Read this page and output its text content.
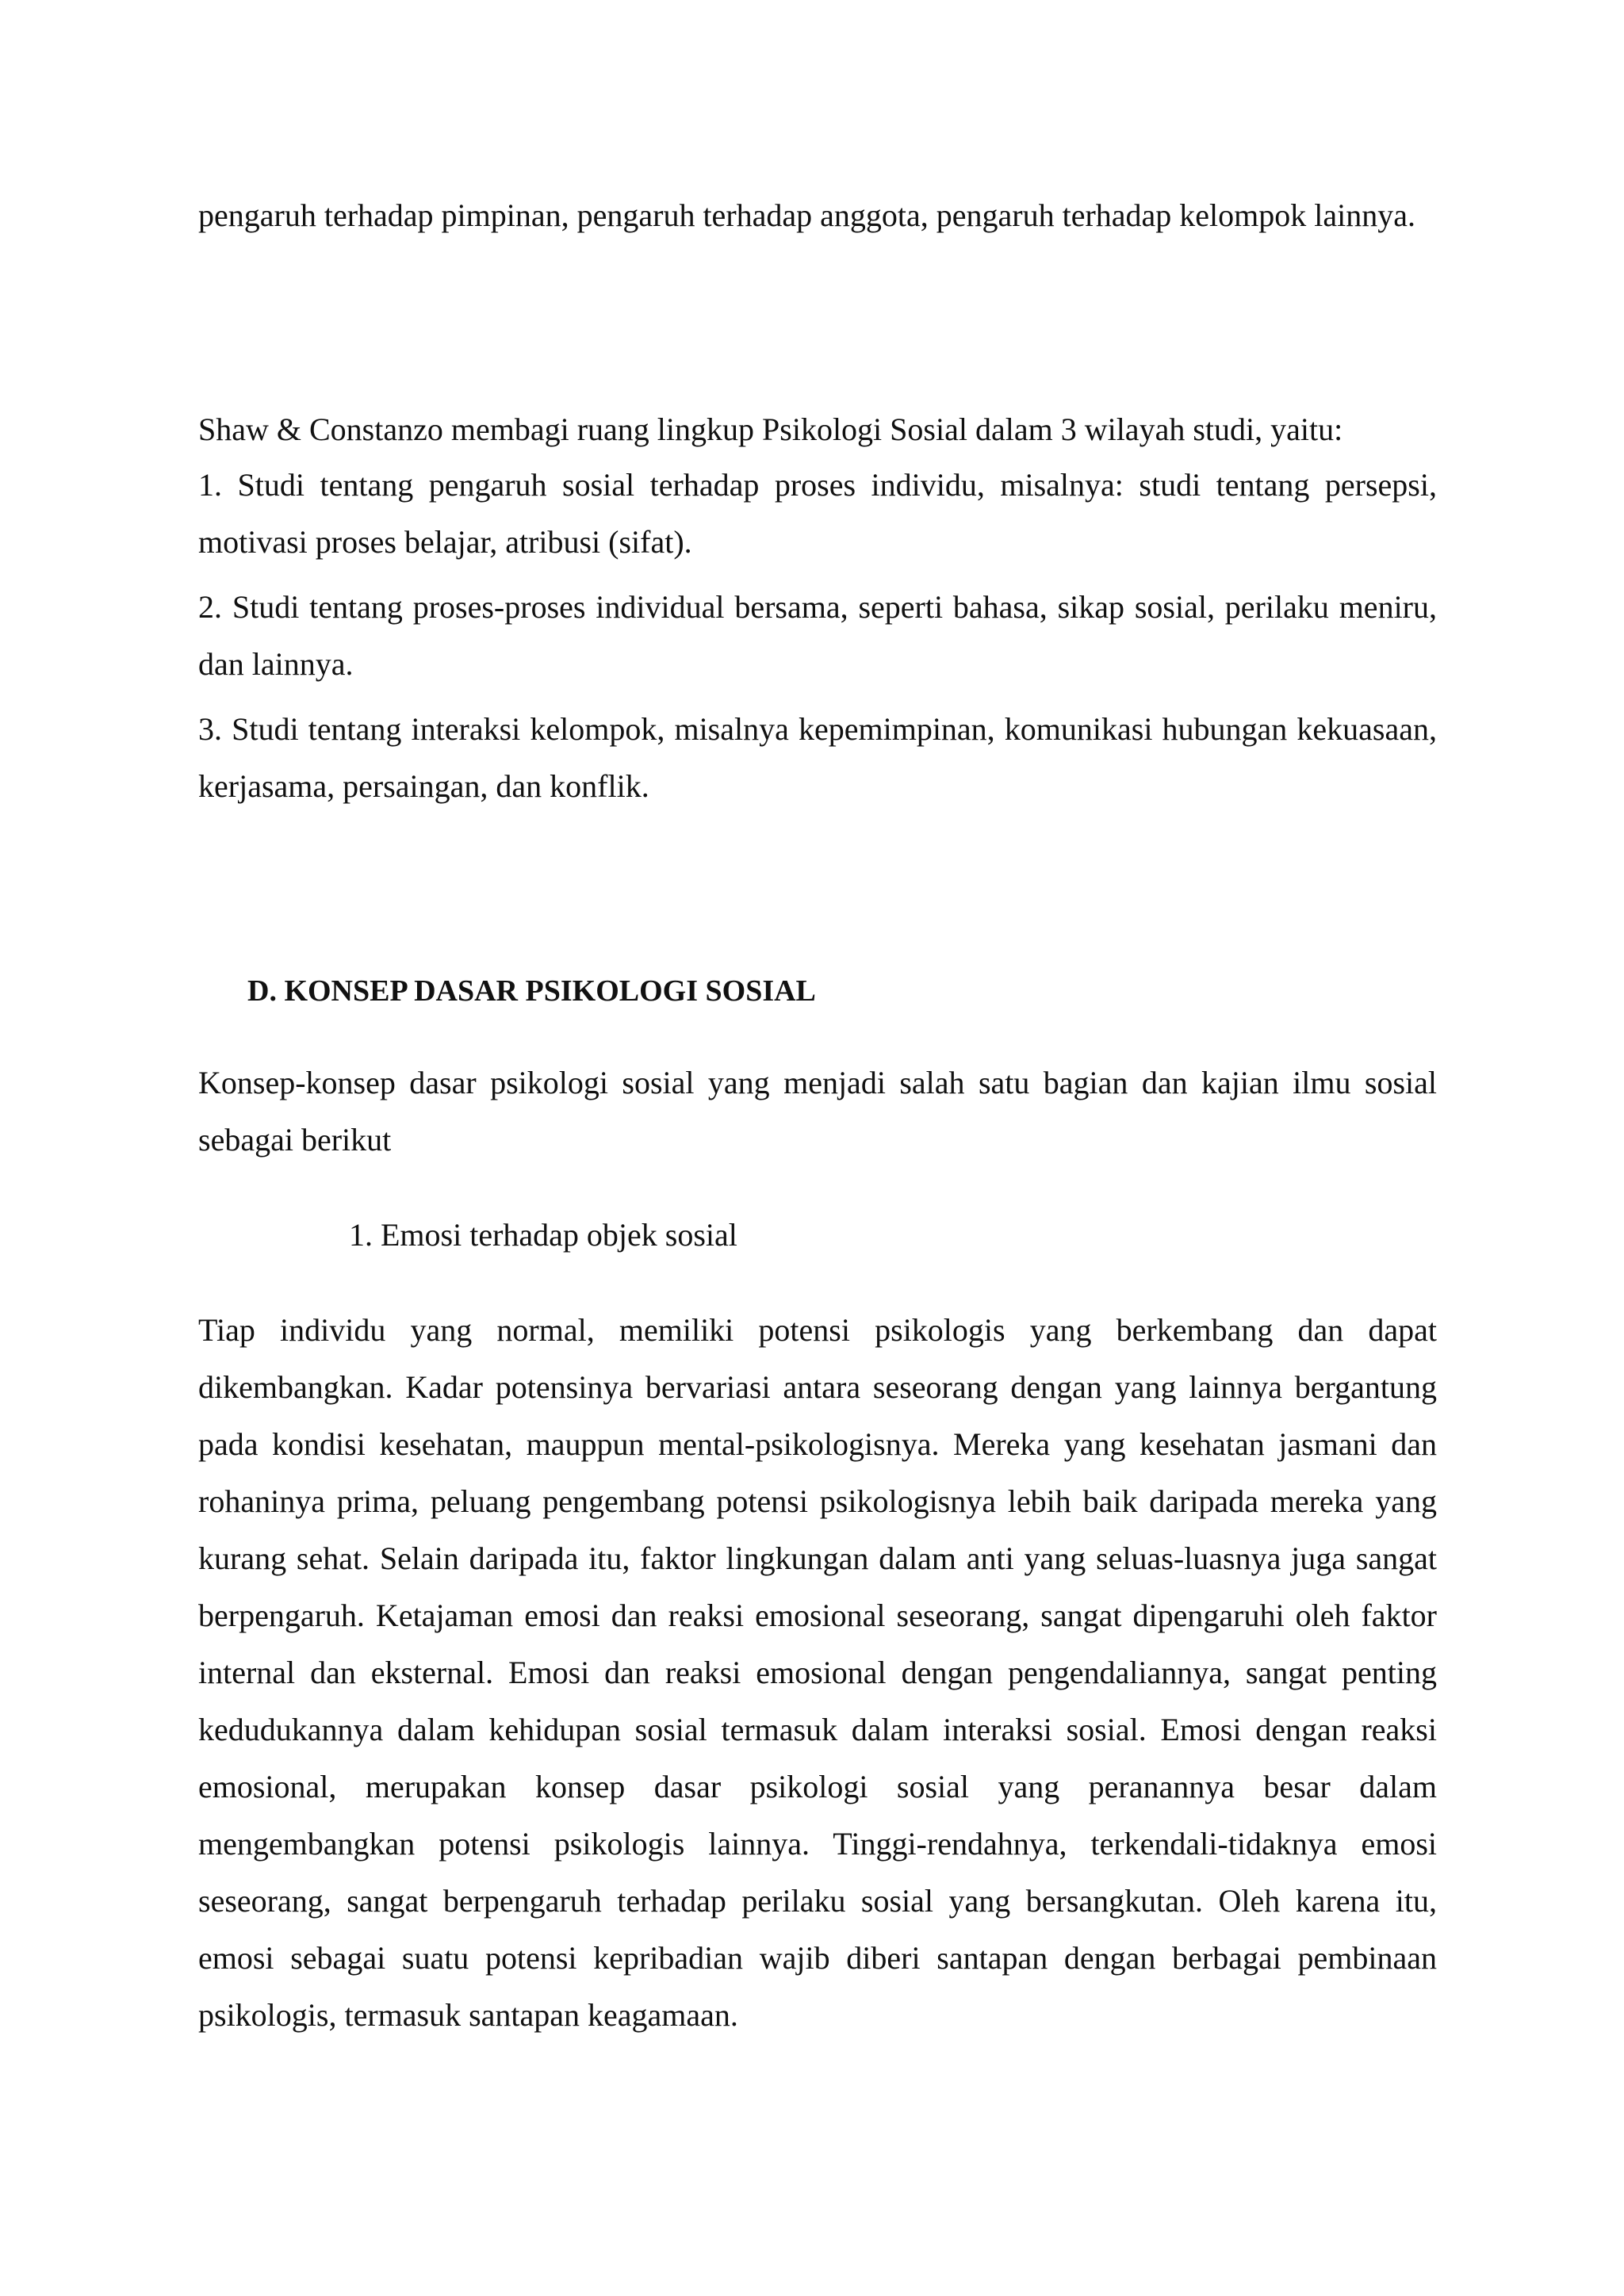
pengaruh terhadap pimpinan, pengaruh terhadap anggota, pengaruh terhadap kelompok lainnya.

Shaw & Constanzo membagi ruang lingkup Psikologi Sosial dalam 3 wilayah studi, yaitu:

1. Studi tentang pengaruh sosial terhadap proses individu, misalnya: studi tentang persepsi, motivasi proses belajar, atribusi (sifat).

2. Studi tentang proses-proses individual bersama, seperti bahasa, sikap sosial, perilaku meniru, dan lainnya.

3. Studi tentang interaksi kelompok, misalnya kepemimpinan, komunikasi hubungan kekuasaan, kerjasama, persaingan, dan konflik.

D. KONSEP DASAR PSIKOLOGI SOSIAL

Konsep-konsep dasar psikologi sosial yang menjadi salah satu bagian dan kajian ilmu sosial sebagai berikut

1. Emosi terhadap objek sosial

Tiap individu yang normal, memiliki potensi psikologis yang berkembang dan dapat dikembangkan. Kadar potensinya bervariasi antara seseorang dengan yang lainnya bergantung pada kondisi kesehatan, mauppun mental-psikologisnya. Mereka yang kesehatan jasmani dan rohaninya prima, peluang pengembang potensi psikologisnya lebih baik daripada mereka yang kurang sehat. Selain daripada itu, faktor lingkungan dalam anti yang seluas-luasnya juga sangat berpengaruh. Ketajaman emosi dan reaksi emosional seseorang, sangat dipengaruhi oleh faktor internal dan eksternal. Emosi dan reaksi emosional dengan pengendaliannya, sangat penting kedudukannya dalam kehidupan sosial termasuk dalam interaksi sosial. Emosi dengan reaksi emosional, merupakan konsep dasar psikologi sosial yang peranannya besar dalam mengembangkan potensi psikologis lainnya. Tinggi-rendahnya, terkendali-tidaknya emosi seseorang, sangat berpengaruh terhadap perilaku sosial yang bersangkutan. Oleh karena itu, emosi sebagai suatu potensi kepribadian wajib diberi santapan dengan berbagai pembinaan psikologis, termasuk santapan keagamaan.
